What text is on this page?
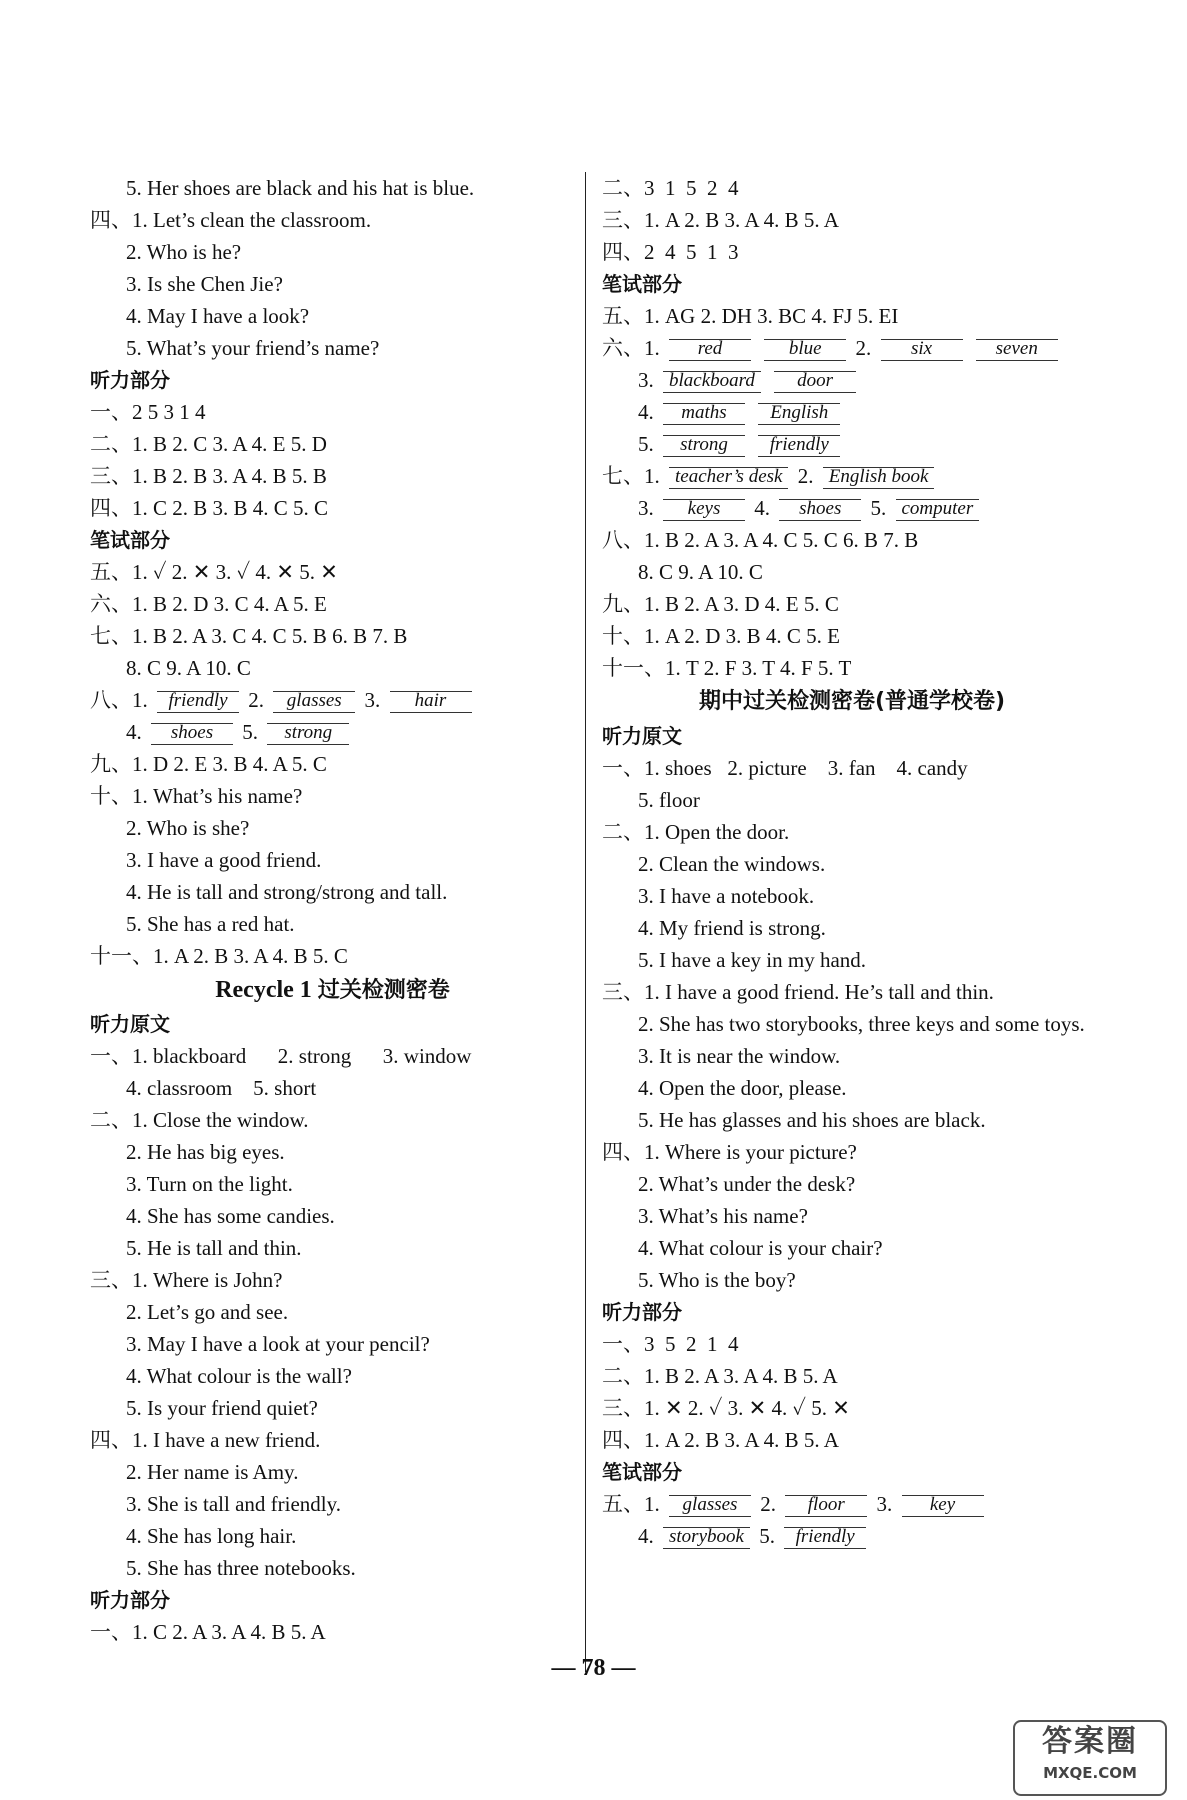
5. Her shoes are black and his hat is blue.
四、1. Let’s clean the classroom.
2. Who is he?
3. Is she Chen Jie?
4. May I have a look?
5. What’s your friend’s name?
听力部分
一、2 5 3 1 4
二、1. B 2. C 3. A 4. E 5. D
三、1. B 2. B 3. A 4. B 5. B
四、1. C 2. B 3. B 4. C 5. C
笔试部分
五、1. ✓ 2. ✕ 3. ✓ 4. ✕ 5. ✕
六、1. B 2. D 3. C 4. A 5. E
七、1. B 2. A 3. C 4. C 5. B 6. B 7. B
8. C 9. A 10. C
八、1. friendly 2. glasses 3. hair
4. shoes 5. strong
九、1. D 2. E 3. B 4. A 5. C
十、1. What’s his name?
2. Who is she?
3. I have a good friend.
4. He is tall and strong/strong and tall.
5. She has a red hat.
十一、1. A 2. B 3. A 4. B 5. C
Recycle 1 过关检测密卷
听力原文
一、1. blackboard      2. strong      3. window
4. classroom    5. short
二、1. Close the window.
2. He has big eyes.
3. Turn on the light.
4. She has some candies.
5. He is tall and thin.
三、1. Where is John?
2. Let’s go and see.
3. May I have a look at your pencil?
4. What colour is the wall?
5. Is your friend quiet?
四、1. I have a new friend.
2. Her name is Amy.
3. She is tall and friendly.
4. She has long hair.
5. She has three notebooks.
听力部分
一、1. C 2. A 3. A 4. B 5. A
二、3  1  5  2  4
三、1. A 2. B 3. A 4. B 5. A
四、2  4  5  1  3
笔试部分
五、1. AG 2. DH 3. BC 4. FJ 5. EI
六、1. red	blue 2. six	seven
3. blackboard door
4. maths English
5. strong friendly
七、1. teacher’s desk 2. English book
3. keys 4. shoes 5. computer
八、1. B 2. A 3. A 4. C 5. C 6. B 7. B
8. C 9. A 10. C
九、1. B 2. A 3. D 4. E 5. C
十、1. A 2. D 3. B 4. C 5. E
十一、1. T 2. F 3. T 4. F 5. T
期中过关检测密卷(普通学校卷)
听力原文
一、1. shoes   2. picture    3. fan    4. candy
5. floor
二、1. Open the door.
2. Clean the windows.
3. I have a notebook.
4. My friend is strong.
5. I have a key in my hand.
三、1. I have a good friend. He’s tall and thin.
2. She has two storybooks, three keys and some toys.
3. It is near the window.
4. Open the door, please.
5. He has glasses and his shoes are black.
四、1. Where is your picture?
2. What’s under the desk?
3. What’s his name?
4. What colour is your chair?
5. Who is the boy?
听力部分
一、3  5  2  1  4
二、1. B 2. A 3. A 4. B 5. A
三、1. ✕ 2. ✓ 3. ✕ 4. ✓ 5. ✕
四、1. A 2. B 3. A 4. B 5. A
笔试部分
五、1. glasses 2. floor 3. key
4. storybook 5. friendly
— 78 —
答案圈
MXQE.COM
